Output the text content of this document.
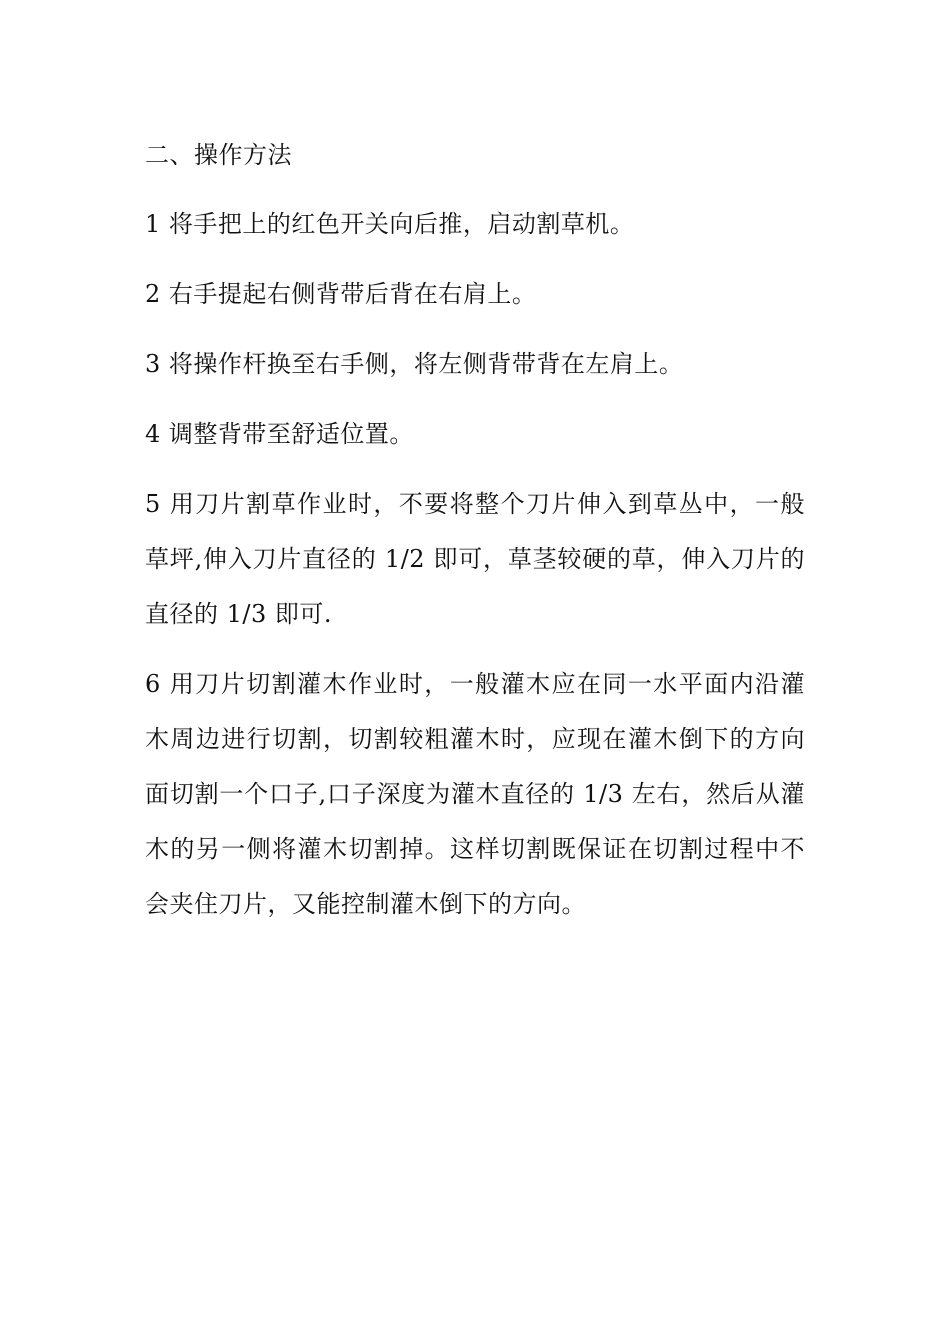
二、操作方法

1 将手把上的红色开关向后推，启动割草机。

2 右手提起右侧背带后背在右肩上。

3 将操作杆换至右手侧，将左侧背带背在左肩上。

4 调整背带至舒适位置。

5 用刀片割草作业时，不要将整个刀片伸入到草丛中，一般草坪,伸入刀片直径的 1/2 即可，草茎较硬的草，伸入刀片的直径的 1/3 即可.

6 用刀片切割灌木作业时，一般灌木应在同一水平面内沿灌木周边进行切割，切割较粗灌木时，应现在灌木倒下的方向面切割一个口子,口子深度为灌木直径的 1/3 左右，然后从灌木的另一侧将灌木切割掉。这样切割既保证在切割过程中不会夹住刀片，又能控制灌木倒下的方向。
